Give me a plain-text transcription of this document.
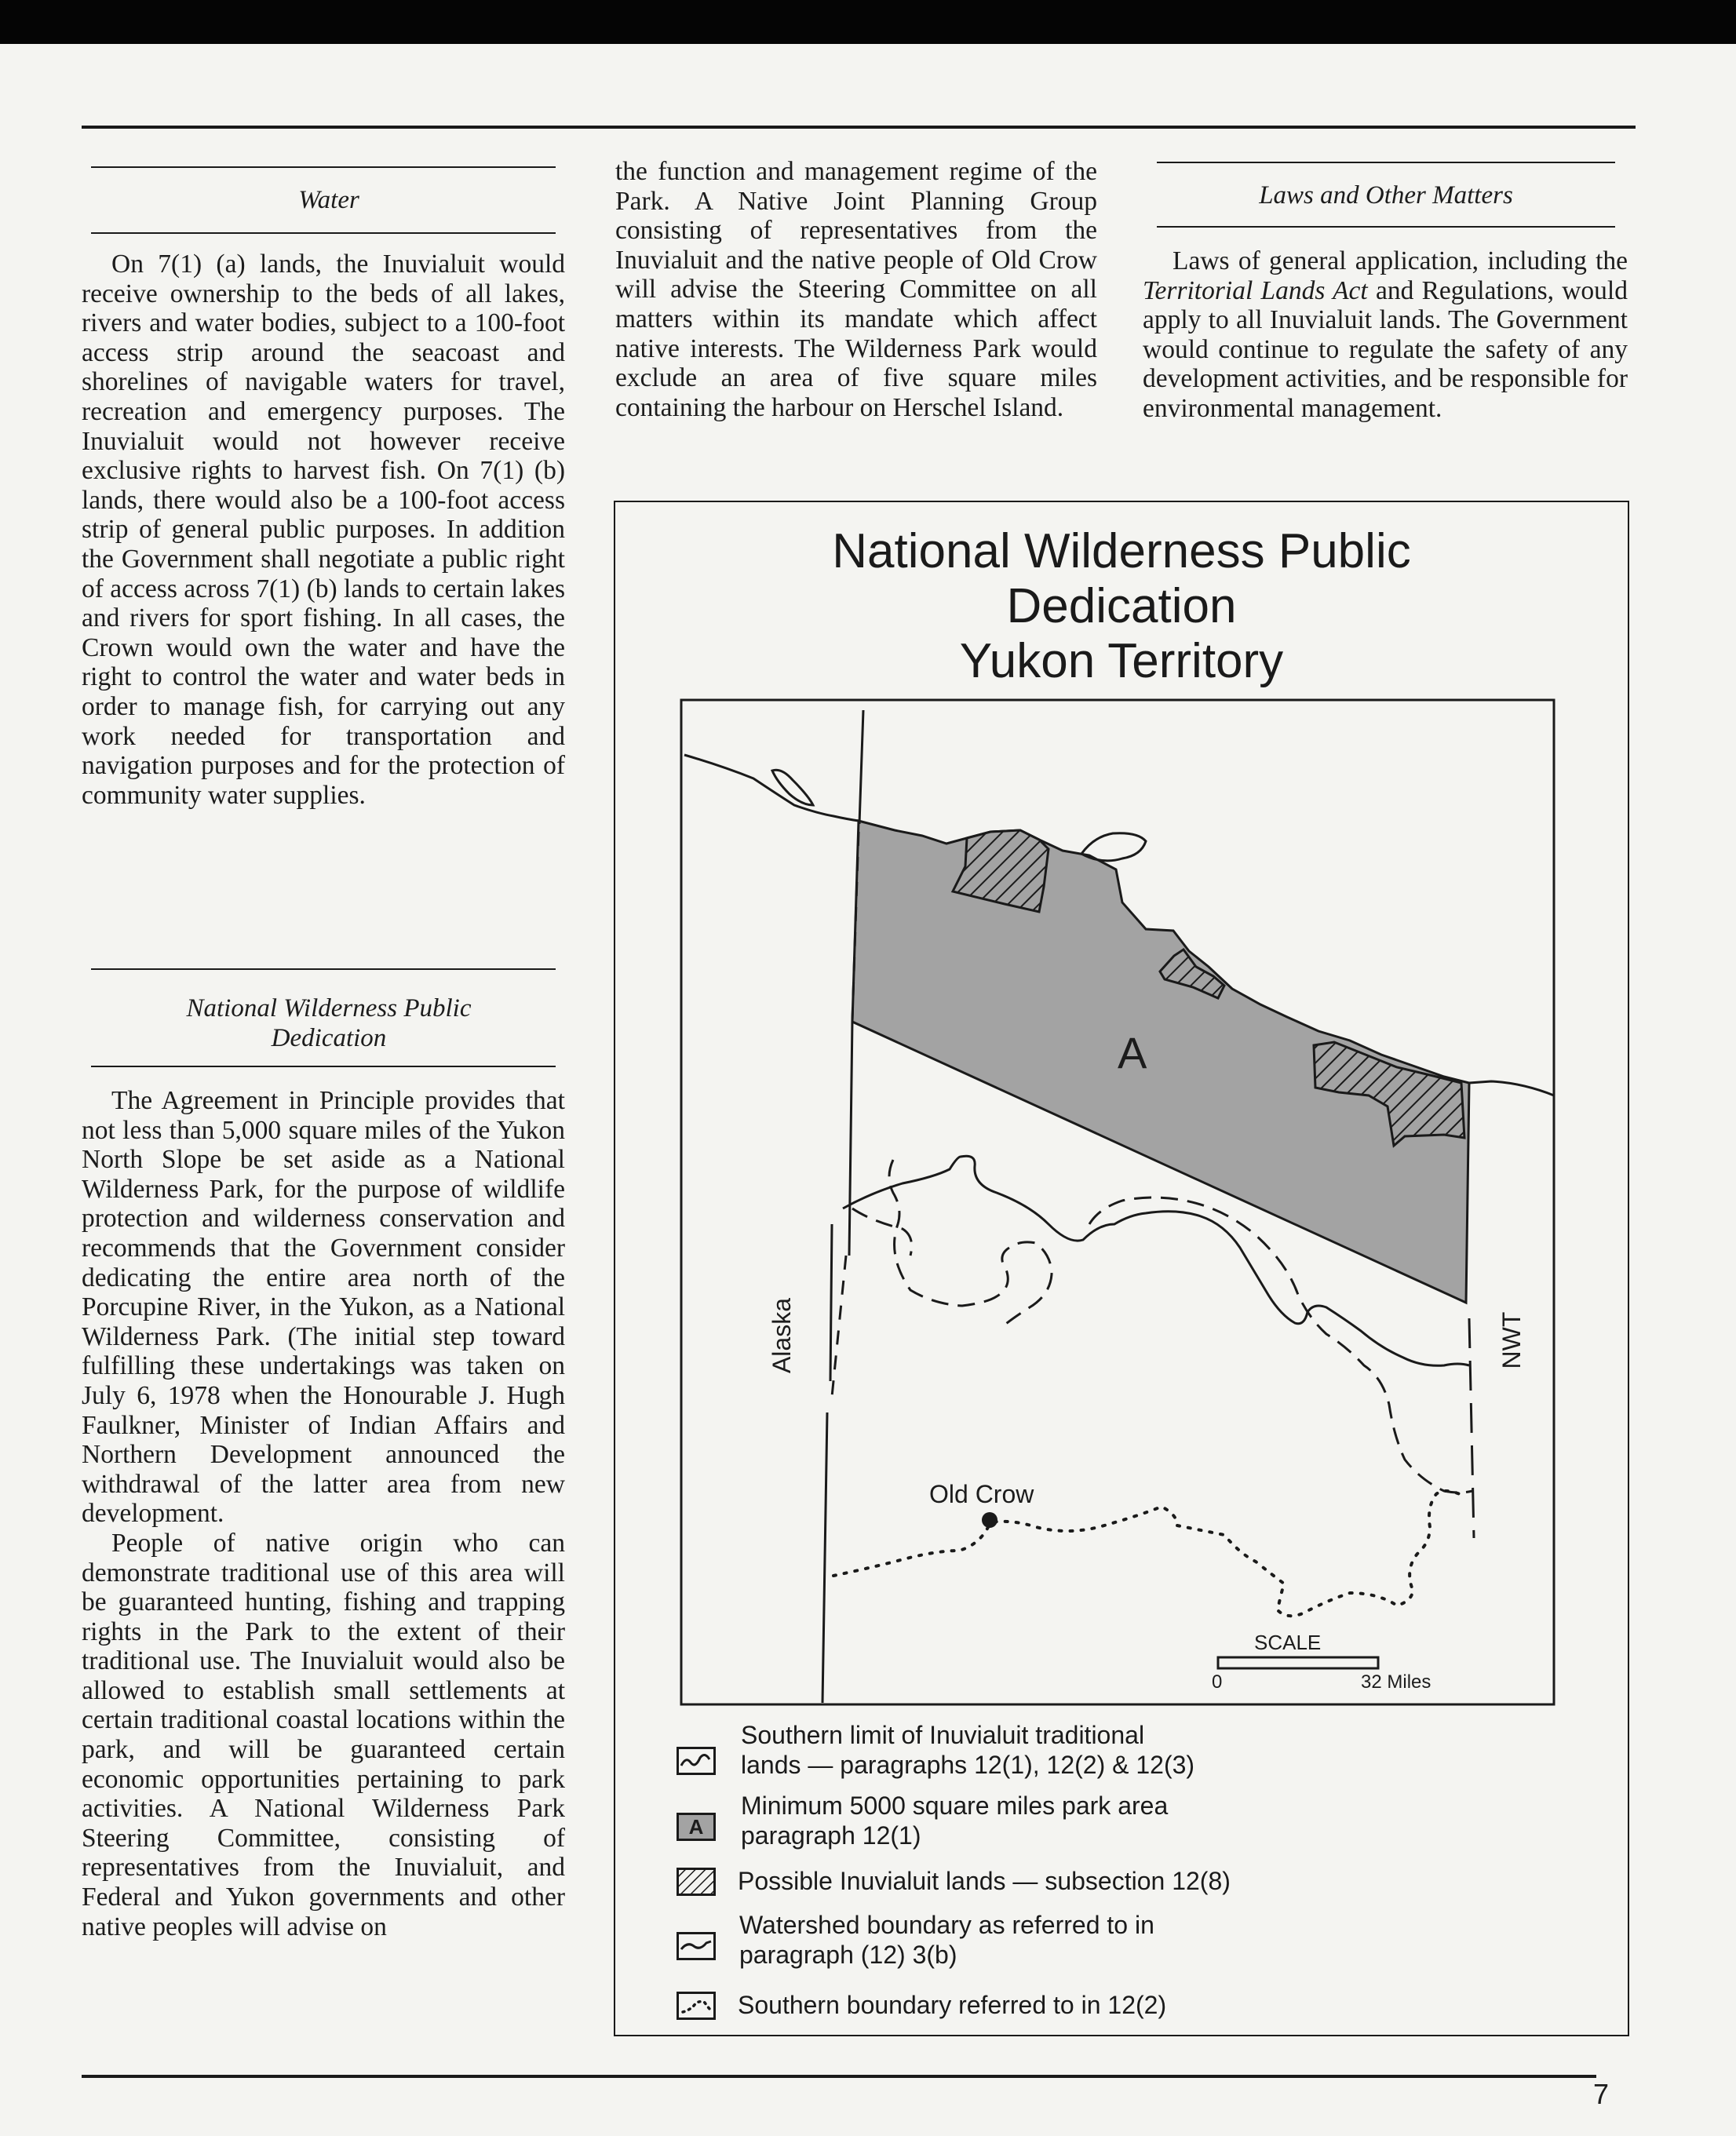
Water

On 7(1) (a) lands, the Inuvialuit would receive ownership to the beds of all lakes, rivers and water bodies, subject to a 100-foot access strip around the seacoast and shorelines of navigable waters for travel, recreation and emergency purposes. The Inuvialuit would not however receive exclusive rights to harvest fish. On 7(1) (b) lands, there would also be a 100-foot access strip of general public purposes. In addition the Government shall negotiate a public right of access across 7(1) (b) lands to certain lakes and rivers for sport fishing. In all cases, the Crown would own the water and have the right to control the water and water beds in order to manage fish, for carrying out any work needed for transportation and navigation purposes and for the protection of community water supplies.

National Wilderness Public
Dedication

The Agreement in Principle provides that not less than 5,000 square miles of the Yukon North Slope be set aside as a National Wilderness Park, for the purpose of wildlife protection and wilderness conservation and recommends that the Government consider dedicating the entire area north of the Porcupine River, in the Yukon, as a National Wilderness Park. (The initial step toward fulfilling these undertakings was taken on July 6, 1978 when the Honourable J. Hugh Faulkner, Minister of Indian Affairs and Northern Development announced the withdrawal of the latter area from new development.

People of native origin who can demonstrate traditional use of this area will be guaranteed hunting, fishing and trapping rights in the Park to the extent of their traditional use. The Inuvialuit would also be allowed to establish small settlements at certain traditional coastal locations within the park, and will be guaranteed certain economic opportunities pertaining to park activities. A National Wilderness Park Steering Committee, consisting of representatives from the Inuvialuit, and Federal and Yukon governments and other native peoples will advise on

the function and management regime of the Park. A Native Joint Planning Group consisting of representatives from the Inuvialuit and the native people of Old Crow will advise the Steering Committee on all matters within its mandate which affect native interests. The Wilderness Park would exclude an area of five square miles containing the harbour on Herschel Island.

Laws and Other Matters

Laws of general application, including the Territorial Lands Act and Regulations, would apply to all Inuvialuit lands. The Government would continue to regulate the safety of any development activities, and be responsible for environmental management.

National Wilderness Public
Dedication
Yukon Territory
A
Alaska	NWT
Old Crow
SCALE
0	32 Miles
Southern limit of Inuvialuit traditional
lands — paragraphs 12(1), 12(2) & 12(3)
A
Minimum 5000 square miles park area
paragraph 12(1)
Possible Inuvialuit lands — subsection 12(8)
Watershed boundary as referred to in
paragraph (12) 3(b)
Southern boundary referred to in 12(2)
7
